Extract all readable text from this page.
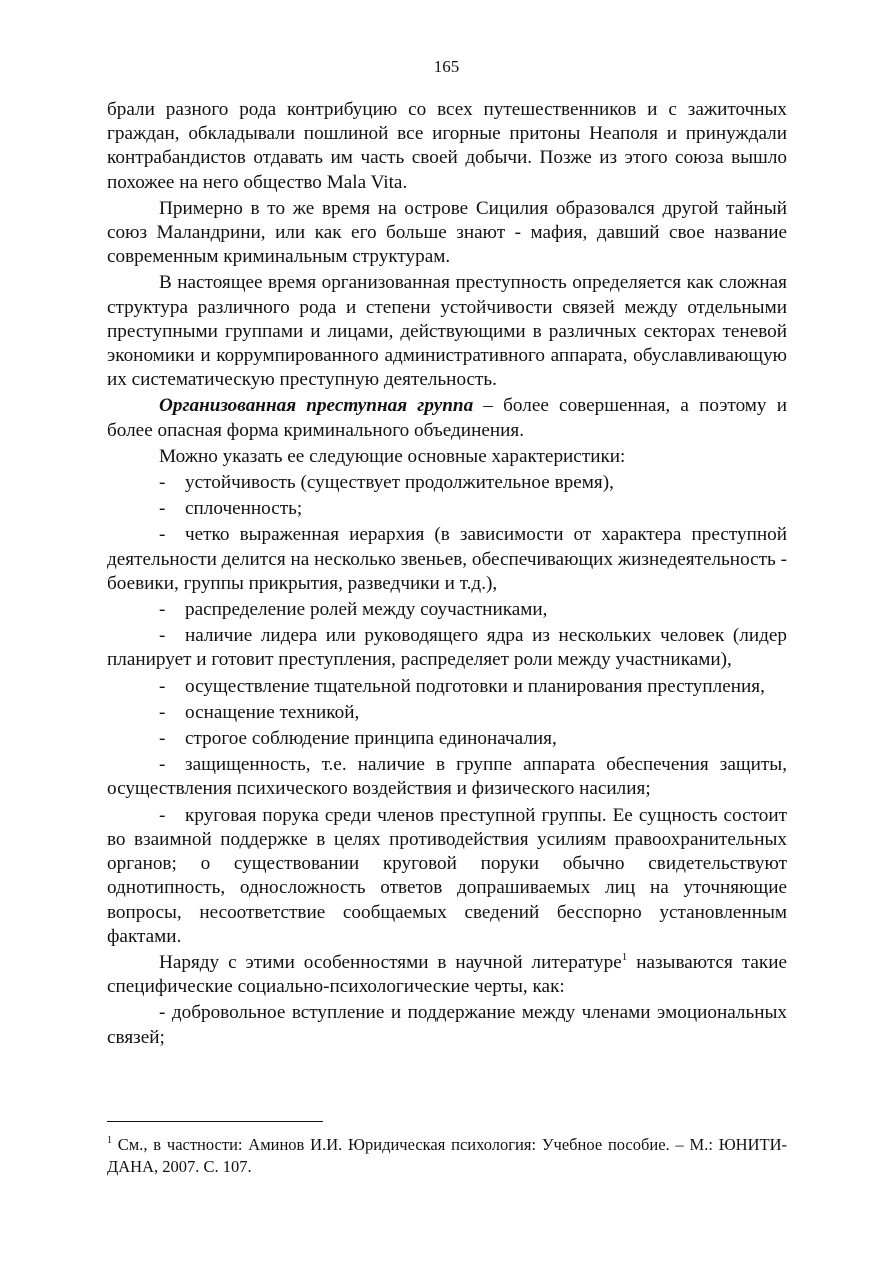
165

брали разного рода контрибуцию со всех путешественников и с зажиточных граждан, обкладывали пошлиной все игорные притоны Неаполя и принуждали контрабандистов отдавать им часть своей добычи. Позже из этого союза вышло похожее на него общество Mala Vita.

Примерно в то же время на острове Сицилия образовался другой тайный союз Маландрини, или как его больше знают - мафия, давший свое название современным криминальным структурам.

В настоящее время организованная преступность определяется как сложная структура различного рода и степени устойчивости связей между отдельными преступными группами и лицами, действующими в различных секторах теневой экономики и коррумпированного административного аппарата, обуславливающую их систематическую преступную деятельность.

Организованная преступная группа – более совершенная, а поэтому и более опасная форма криминального объединения.

Можно указать ее следующие основные характеристики:

- устойчивость (существует продолжительное время),

- сплоченность;

- четко выраженная иерархия (в зависимости от характера преступной деятельности делится на несколько звеньев, обеспечивающих жизнедеятельность - боевики, группы прикрытия, разведчики и т.д.),

- распределение ролей между соучастниками,

- наличие лидера или руководящего ядра из нескольких человек (лидер планирует и готовит преступления, распределяет роли между участниками),

- осуществление тщательной подготовки и планирования преступления,

- оснащение техникой,

- строгое соблюдение принципа единоначалия,

- защищенность, т.е. наличие в группе аппарата обеспечения защиты, осуществления психического воздействия и физического насилия;

- круговая порука среди членов преступной группы. Ее сущность состоит во взаимной поддержке в целях противодействия усилиям правоохранительных органов; о существовании круговой поруки обычно свидетельствуют однотипность, односложность ответов допрашиваемых лиц на уточняющие вопросы, несоответствие сообщаемых сведений бесспорно установленным фактами.

Наряду с этими особенностями в научной литературе$^1$ называются такие специфические социально-психологические черты, как:

- добровольное вступление и поддержание между членами эмоциональных связей;

$^1$ См., в частности: Аминов И.И. Юридическая психология: Учебное пособие. – М.: ЮНИТИ-ДАНА, 2007. С. 107.
